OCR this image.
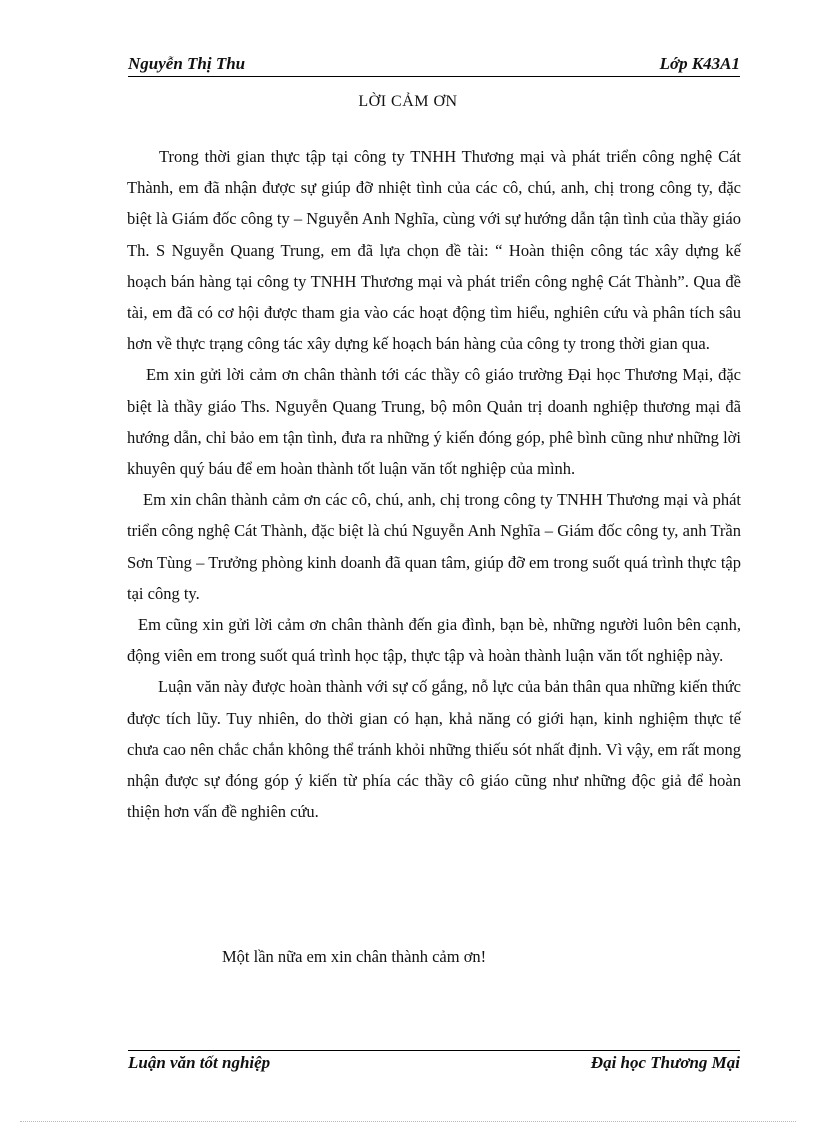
Nguyễn Thị Thu	Lớp K43A1
LỜI CẢM ƠN

Trong thời gian thực tập tại công ty TNHH Thương mại và phát triển công nghệ Cát Thành, em đã nhận được sự giúp đỡ nhiệt tình của các cô, chú, anh, chị trong công ty, đặc biệt là Giám đốc công ty – Nguyễn Anh Nghĩa, cùng với sự hướng dẫn tận tình của thầy giáo Th. S Nguyễn Quang Trung, em đã lựa chọn đề tài: “ Hoàn thiện công tác xây dựng kế hoạch bán hàng tại công ty TNHH Thương mại và phát triển công nghệ Cát Thành”. Qua đề tài, em đã có cơ hội được tham gia vào các hoạt động tìm hiểu, nghiên cứu và phân tích sâu hơn về thực trạng công tác xây dựng kế hoạch bán hàng của công ty trong thời gian qua.

Em xin gửi lời cảm ơn chân thành tới các thầy cô giáo trường Đại học Thương Mại, đặc biệt là thầy giáo Ths. Nguyễn Quang Trung, bộ môn Quản trị doanh nghiệp thương mại đã hướng dẫn, chỉ bảo em tận tình, đưa ra những ý kiến đóng góp, phê bình cũng như những lời khuyên quý báu để em hoàn thành tốt luận văn tốt nghiệp của mình.

Em xin chân thành cảm ơn các cô, chú, anh, chị trong công ty TNHH Thương mại và phát triển công nghệ Cát Thành, đặc biệt là chú Nguyễn Anh Nghĩa – Giám đốc công ty, anh Trần Sơn Tùng – Trưởng phòng kinh doanh đã quan tâm, giúp đỡ em trong suốt quá trình thực tập tại công ty.

Em cũng xin gửi lời cảm ơn chân thành đến gia đình, bạn bè, những người luôn bên cạnh, động viên em trong suốt quá trình học tập, thực tập và hoàn thành luận văn tốt nghiệp này.

Luận văn này được hoàn thành với sự cố gắng, nỗ lực của bản thân qua những kiến thức được tích lũy. Tuy nhiên, do thời gian có hạn, khả năng có giới hạn, kinh nghiệm thực tế chưa cao nên chắc chắn không thể tránh khỏi những thiếu sót nhất định. Vì vậy, em rất mong nhận được sự đóng góp ý kiến từ phía các thầy cô giáo cũng như những độc giả để hoàn thiện hơn vấn đề nghiên cứu.

Một lần nữa em xin chân thành cảm ơn!
Luận văn tốt nghiệp	Đại học Thương Mại
